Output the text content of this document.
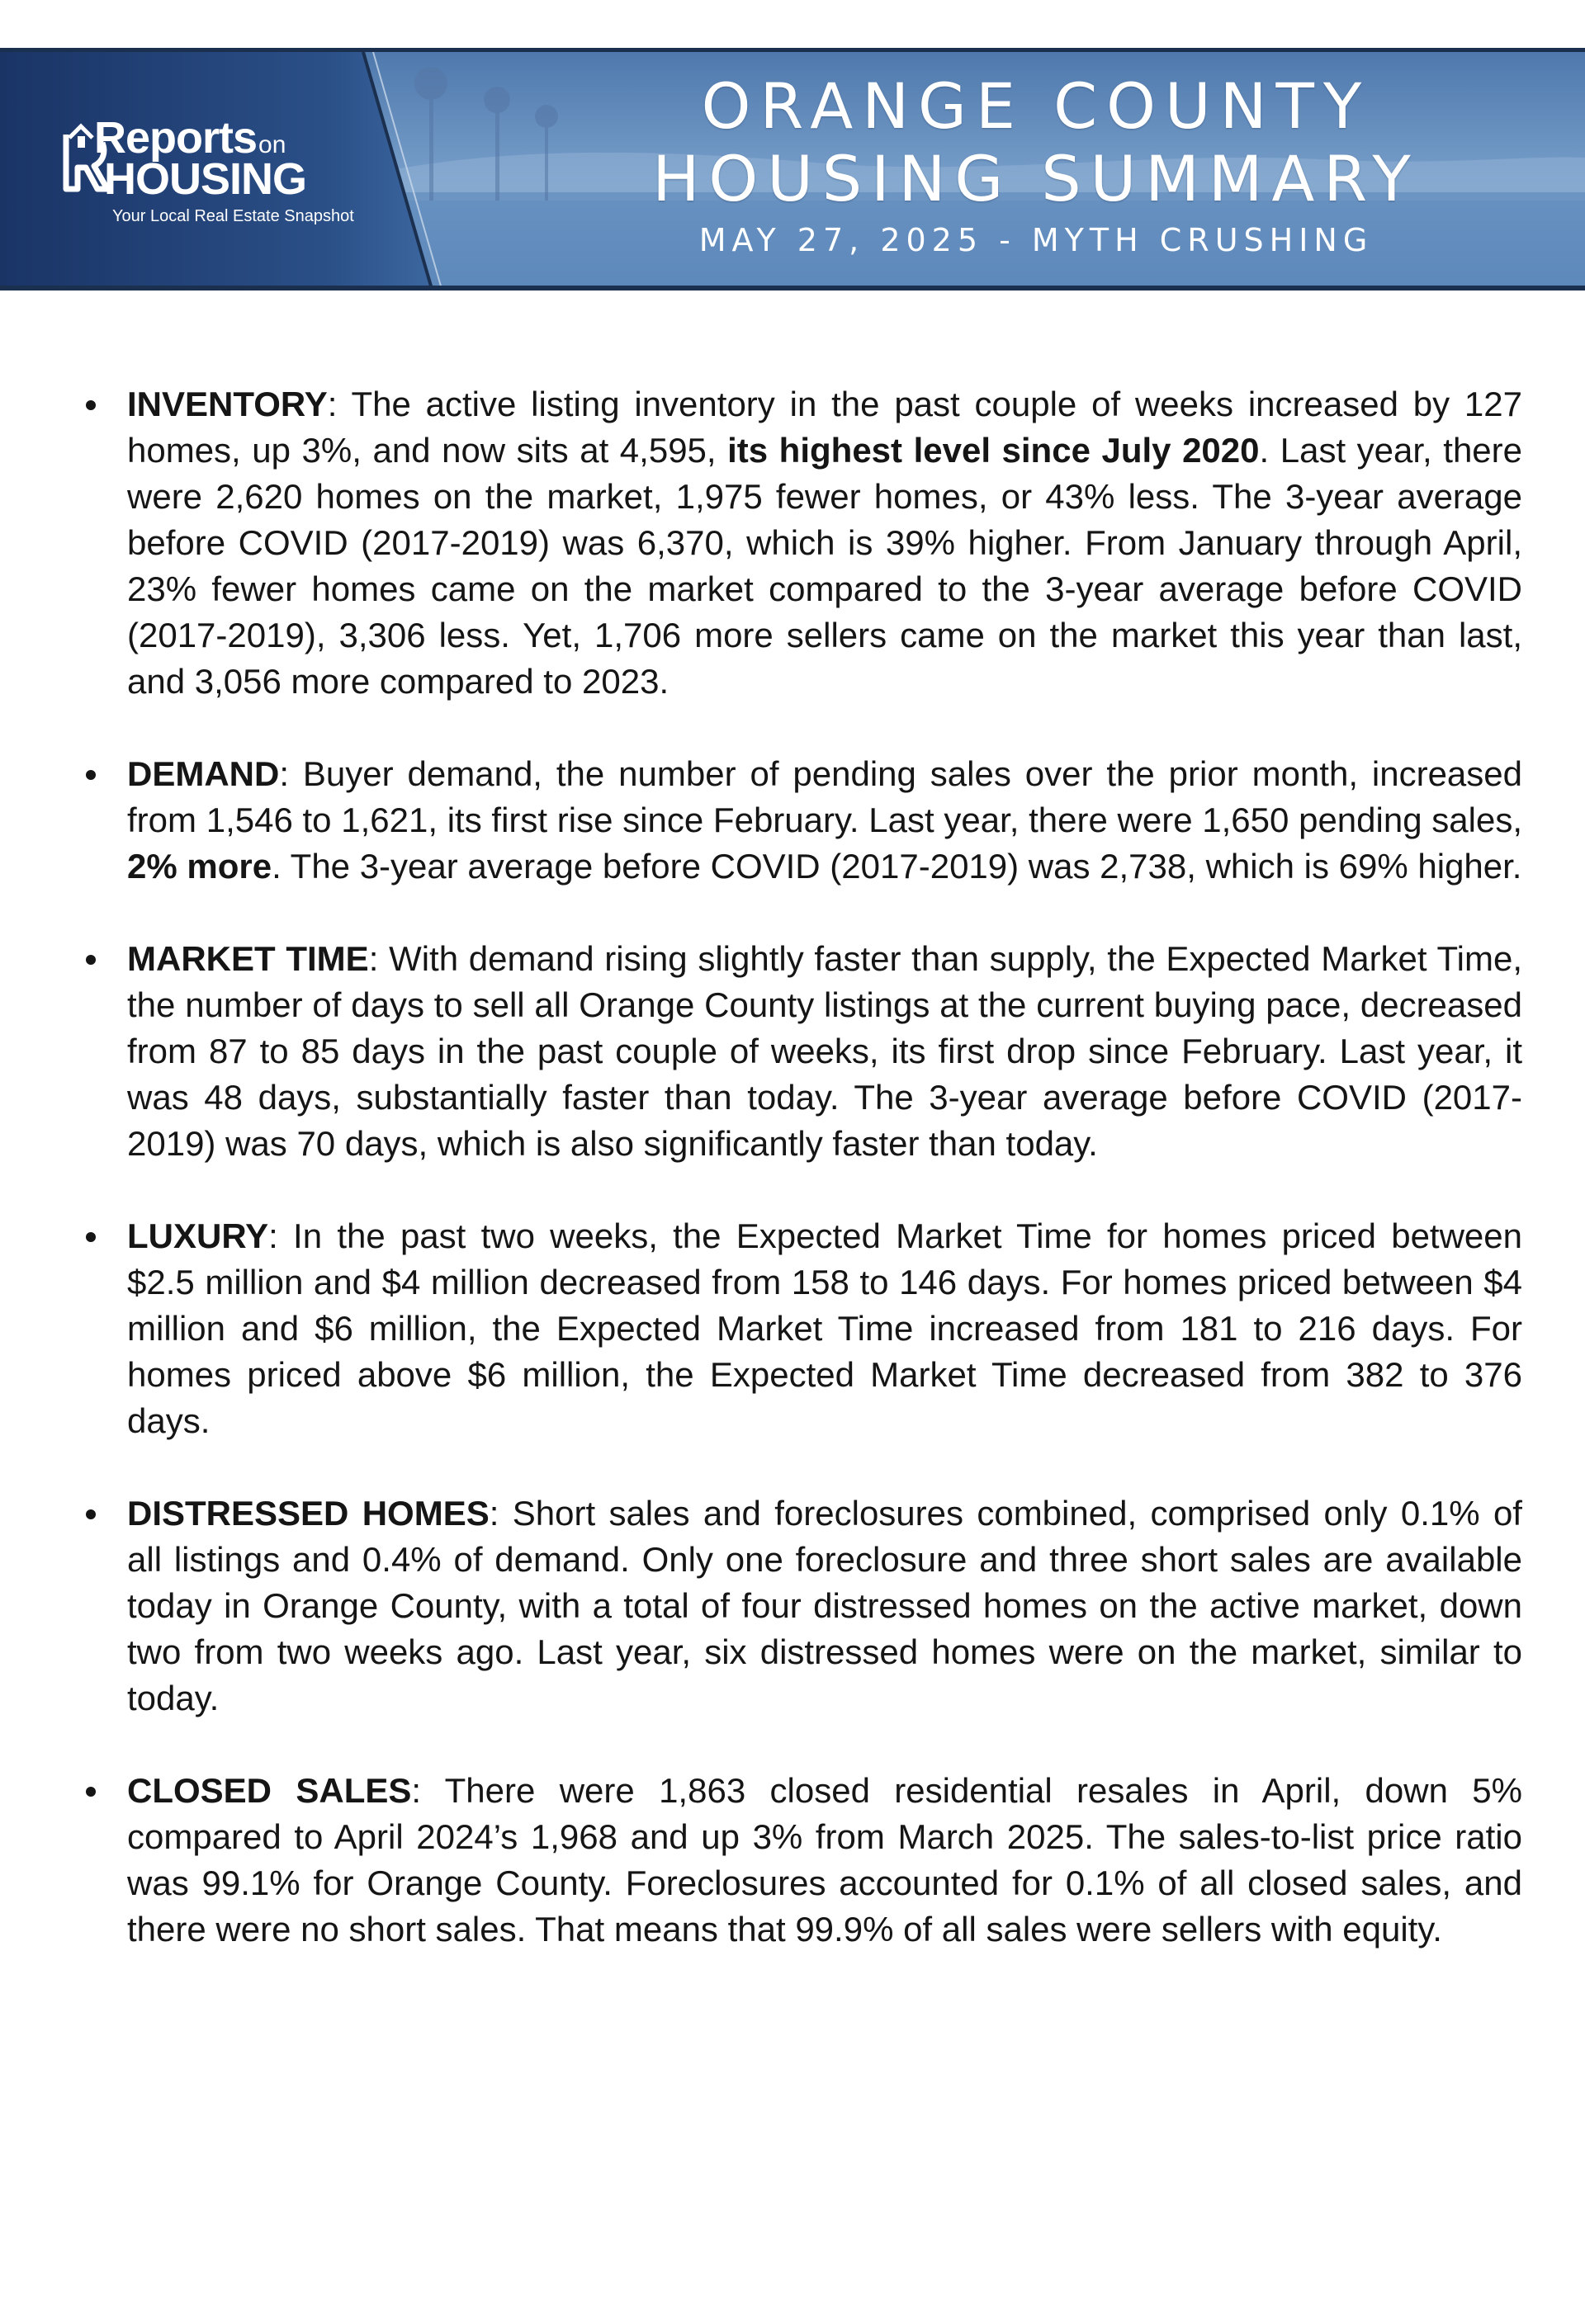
Reportson
HOUSING
Your Local Real Estate Snapshot
ORANGE COUNTY
HOUSING SUMMARY
MAY 27, 2025 - MYTH CRUSHING

INVENTORY: The active listing inventory in the past couple of weeks increased by 127 homes, up 3%, and now sits at 4,595, its highest level since July 2020. Last year, there were 2,620 homes on the market, 1,975 fewer homes, or 43% less. The 3-year average before COVID (2017-2019) was 6,370, which is 39% higher. From January through April, 23% fewer homes came on the market compared to the 3-year average before COVID (2017-2019), 3,306 less. Yet, 1,706 more sellers came on the market this year than last, and 3,056 more compared to 2023.

DEMAND: Buyer demand, the number of pending sales over the prior month, increased from 1,546 to 1,621, its first rise since February. Last year, there were 1,650 pending sales, 2% more. The 3-year average before COVID (2017-2019) was 2,738, which is 69% higher.

MARKET TIME: With demand rising slightly faster than supply, the Expected Market Time, the number of days to sell all Orange County listings at the current buying pace, decreased from 87 to 85 days in the past couple of weeks, its first drop since February. Last year, it was 48 days, substantially faster than today. The 3-year average before COVID (2017-2019) was 70 days, which is also significantly faster than today.

LUXURY: In the past two weeks, the Expected Market Time for homes priced between $2.5 million and $4 million decreased from 158 to 146 days. For homes priced between $4 million and $6 million, the Expected Market Time increased from 181 to 216 days. For homes priced above $6 million, the Expected Market Time decreased from 382 to 376 days.

DISTRESSED HOMES: Short sales and foreclosures combined, comprised only 0.1% of all listings and 0.4% of demand. Only one foreclosure and three short sales are available today in Orange County, with a total of four distressed homes on the active market, down two from two weeks ago. Last year, six distressed homes were on the market, similar to today.

CLOSED SALES: There were 1,863 closed residential resales in April, down 5% compared to April 2024’s 1,968 and up 3% from March 2025. The sales-to-list price ratio was 99.1% for Orange County. Foreclosures accounted for 0.1% of all closed sales, and there were no short sales. That means that 99.9% of all sales were sellers with equity.
